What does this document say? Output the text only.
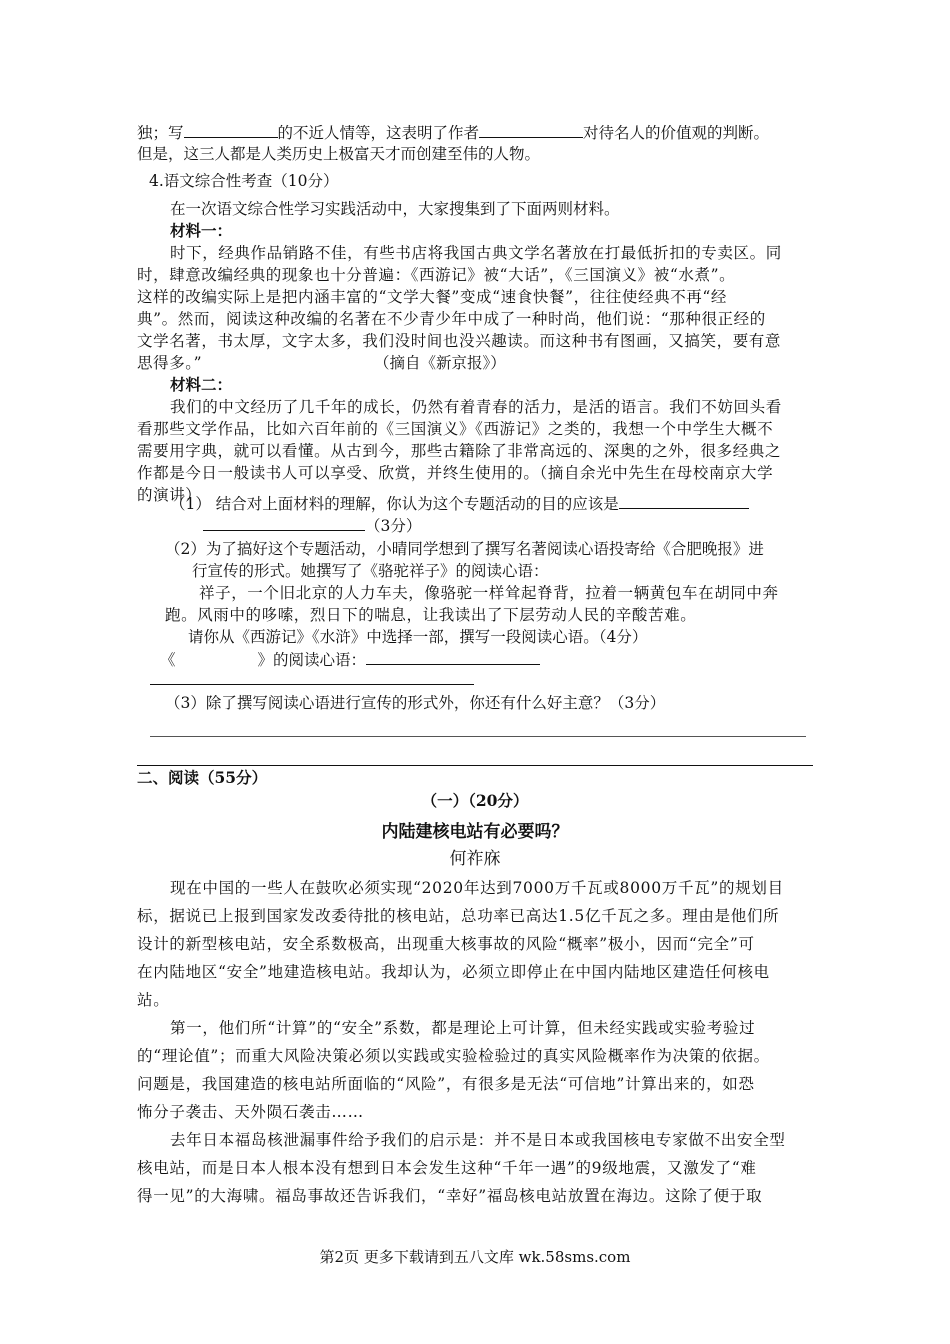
独；写	的不近人情等，这表明了作者	对待名人的价值观的判断。
但是，这三人都是人类历史上极富天才而创建至伟的人物。
4.语文综合性考查（10分）
在一次语文综合性学习实践活动中，大家搜集到了下面两则材料。
材料一：
时下，经典作品销路不佳，有些书店将我国古典文学名著放在打最低折扣的专卖区。同
时，肆意改编经典的现象也十分普遍：《西游记》被“大话”，《三国演义》被“水煮”。
这样的改编实际上是把内涵丰富的“文学大餐”变成“速食快餐”，往往使经典不再“经
典”。然而，阅读这种改编的名著在不少青少年中成了一种时尚，他们说：“那种很正经的
文学名著，书太厚，文字太多，我们没时间也没兴趣读。而这种书有图画，又搞笑，要有意
思得多。”	（摘自《新京报》）
材料二：
我们的中文经历了几千年的成长，仍然有着青春的活力，是活的语言。我们不妨回头看
看那些文学作品，比如六百年前的《三国演义》《西游记》之类的，我想一个中学生大概不
需要用字典，就可以看懂。从古到今，那些古籍除了非常高远的、深奥的之外，很多经典之
作都是今日一般读书人可以享受、欣赏，并终生使用的。（摘自余光中先生在母校南京大学
的演讲）
（1） 结合对上面材料的理解，你认为这个专题活动的目的应该是
（3分）
（2）为了搞好这个专题活动，小晴同学想到了撰写名著阅读心语投寄给《合肥晚报》进
行宣传的形式。她撰写了《骆驼祥子》的阅读心语：
祥子，一个旧北京的人力车夫，像骆驼一样耸起脊背，拉着一辆黄包车在胡同中奔
跑。风雨中的哆嗦，烈日下的喘息，让我读出了下层劳动人民的辛酸苦难。
请你从《西游记》《水浒》中选择一部，撰写一段阅读心语。（4分）
《	》的阅读心语：
（3）除了撰写阅读心语进行宣传的形式外，你还有什么好主意？（3分）
二、阅读（55分）
（一）（20分）
内陆建核电站有必要吗？
何祚庥
现在中国的一些人在鼓吹必须实现“2020年达到7000万千瓦或8000万千瓦”的规划目
标，据说已上报到国家发改委待批的核电站，总功率已高达1.5亿千瓦之多。理由是他们所
设计的新型核电站，安全系数极高，出现重大核事故的风险“概率”极小，因而“完全”可
在内陆地区“安全”地建造核电站。我却认为，必须立即停止在中国内陆地区建造任何核电
站。
第一，他们所“计算”的“安全”系数，都是理论上可计算，但未经实践或实验考验过
的“理论值”；而重大风险决策必须以实践或实验检验过的真实风险概率作为决策的依据。
问题是，我国建造的核电站所面临的“风险”，有很多是无法“可信地”计算出来的，如恐
怖分子袭击、天外陨石袭击……
去年日本福岛核泄漏事件给予我们的启示是：并不是日本或我国核电专家做不出安全型
核电站，而是日本人根本没有想到日本会发生这种“千年一遇”的9级地震，又激发了“难
得一见”的大海啸。福岛事故还告诉我们，“幸好”福岛核电站放置在海边。这除了便于取
第2页 更多下载请到五八文库 wk.58sms.com
